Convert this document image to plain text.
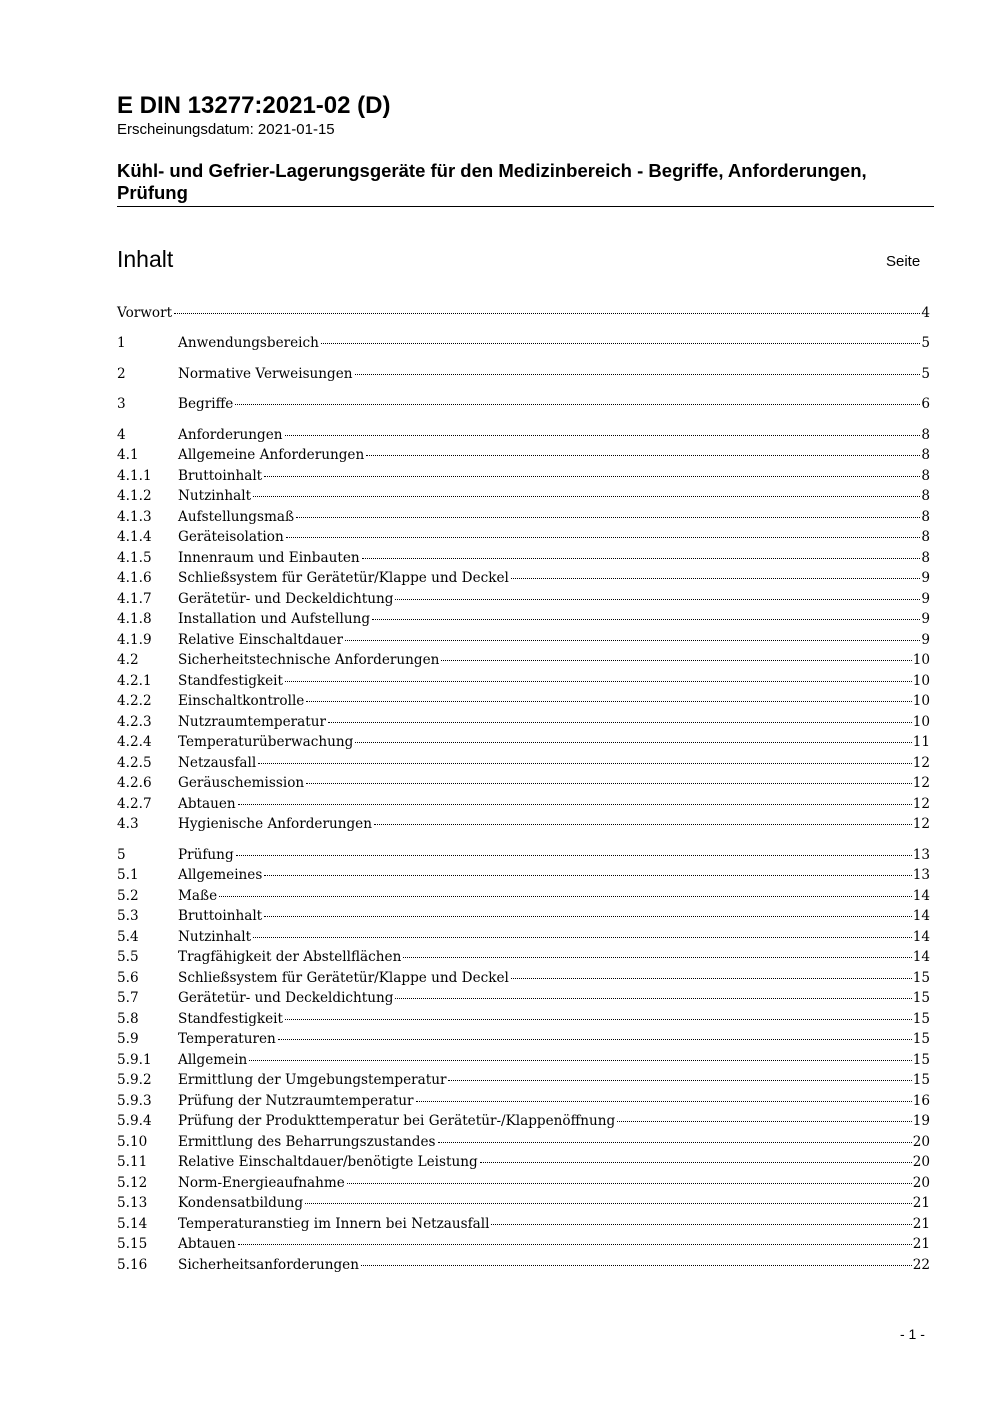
E DIN 13277:2021-02 (D)
Erscheinungsdatum: 2021-01-15
Kühl- und Gefrier-Lagerungsgeräte für den Medizinbereich - Begriffe, Anforderungen, Prüfung
Inhalt	Seite
Vorwort	4
1	Anwendungsbereich	5
2	Normative Verweisungen	5
3	Begriffe	6
4	Anforderungen	8
4.1	Allgemeine Anforderungen	8
4.1.1	Bruttoinhalt	8
4.1.2	Nutzinhalt	8
4.1.3	Aufstellungsmaß	8
4.1.4	Geräteisolation	8
4.1.5	Innenraum und Einbauten	8
4.1.6	Schließsystem für Gerätetür/Klappe und Deckel	9
4.1.7	Gerätetür- und Deckeldichtung	9
4.1.8	Installation und Aufstellung	9
4.1.9	Relative Einschaltdauer	9
4.2	Sicherheitstechnische Anforderungen	10
4.2.1	Standfestigkeit	10
4.2.2	Einschaltkontrolle	10
4.2.3	Nutzraumtemperatur	10
4.2.4	Temperaturüberwachung	11
4.2.5	Netzausfall	12
4.2.6	Geräuschemission	12
4.2.7	Abtauen	12
4.3	Hygienische Anforderungen	12
5	Prüfung	13
5.1	Allgemeines	13
5.2	Maße	14
5.3	Bruttoinhalt	14
5.4	Nutzinhalt	14
5.5	Tragfähigkeit der Abstellflächen	14
5.6	Schließsystem für Gerätetür/Klappe und Deckel	15
5.7	Gerätetür- und Deckeldichtung	15
5.8	Standfestigkeit	15
5.9	Temperaturen	15
5.9.1	Allgemein	15
5.9.2	Ermittlung der Umgebungstemperatur	15
5.9.3	Prüfung der Nutzraumtemperatur	16
5.9.4	Prüfung der Produkttemperatur bei Gerätetür-/Klappenöffnung	19
5.10	Ermittlung des Beharrungszustandes	20
5.11	Relative Einschaltdauer/benötigte Leistung	20
5.12	Norm-Energieaufnahme	20
5.13	Kondensatbildung	21
5.14	Temperaturanstieg im Innern bei Netzausfall	21
5.15	Abtauen	21
5.16	Sicherheitsanforderungen	22
- 1 -
